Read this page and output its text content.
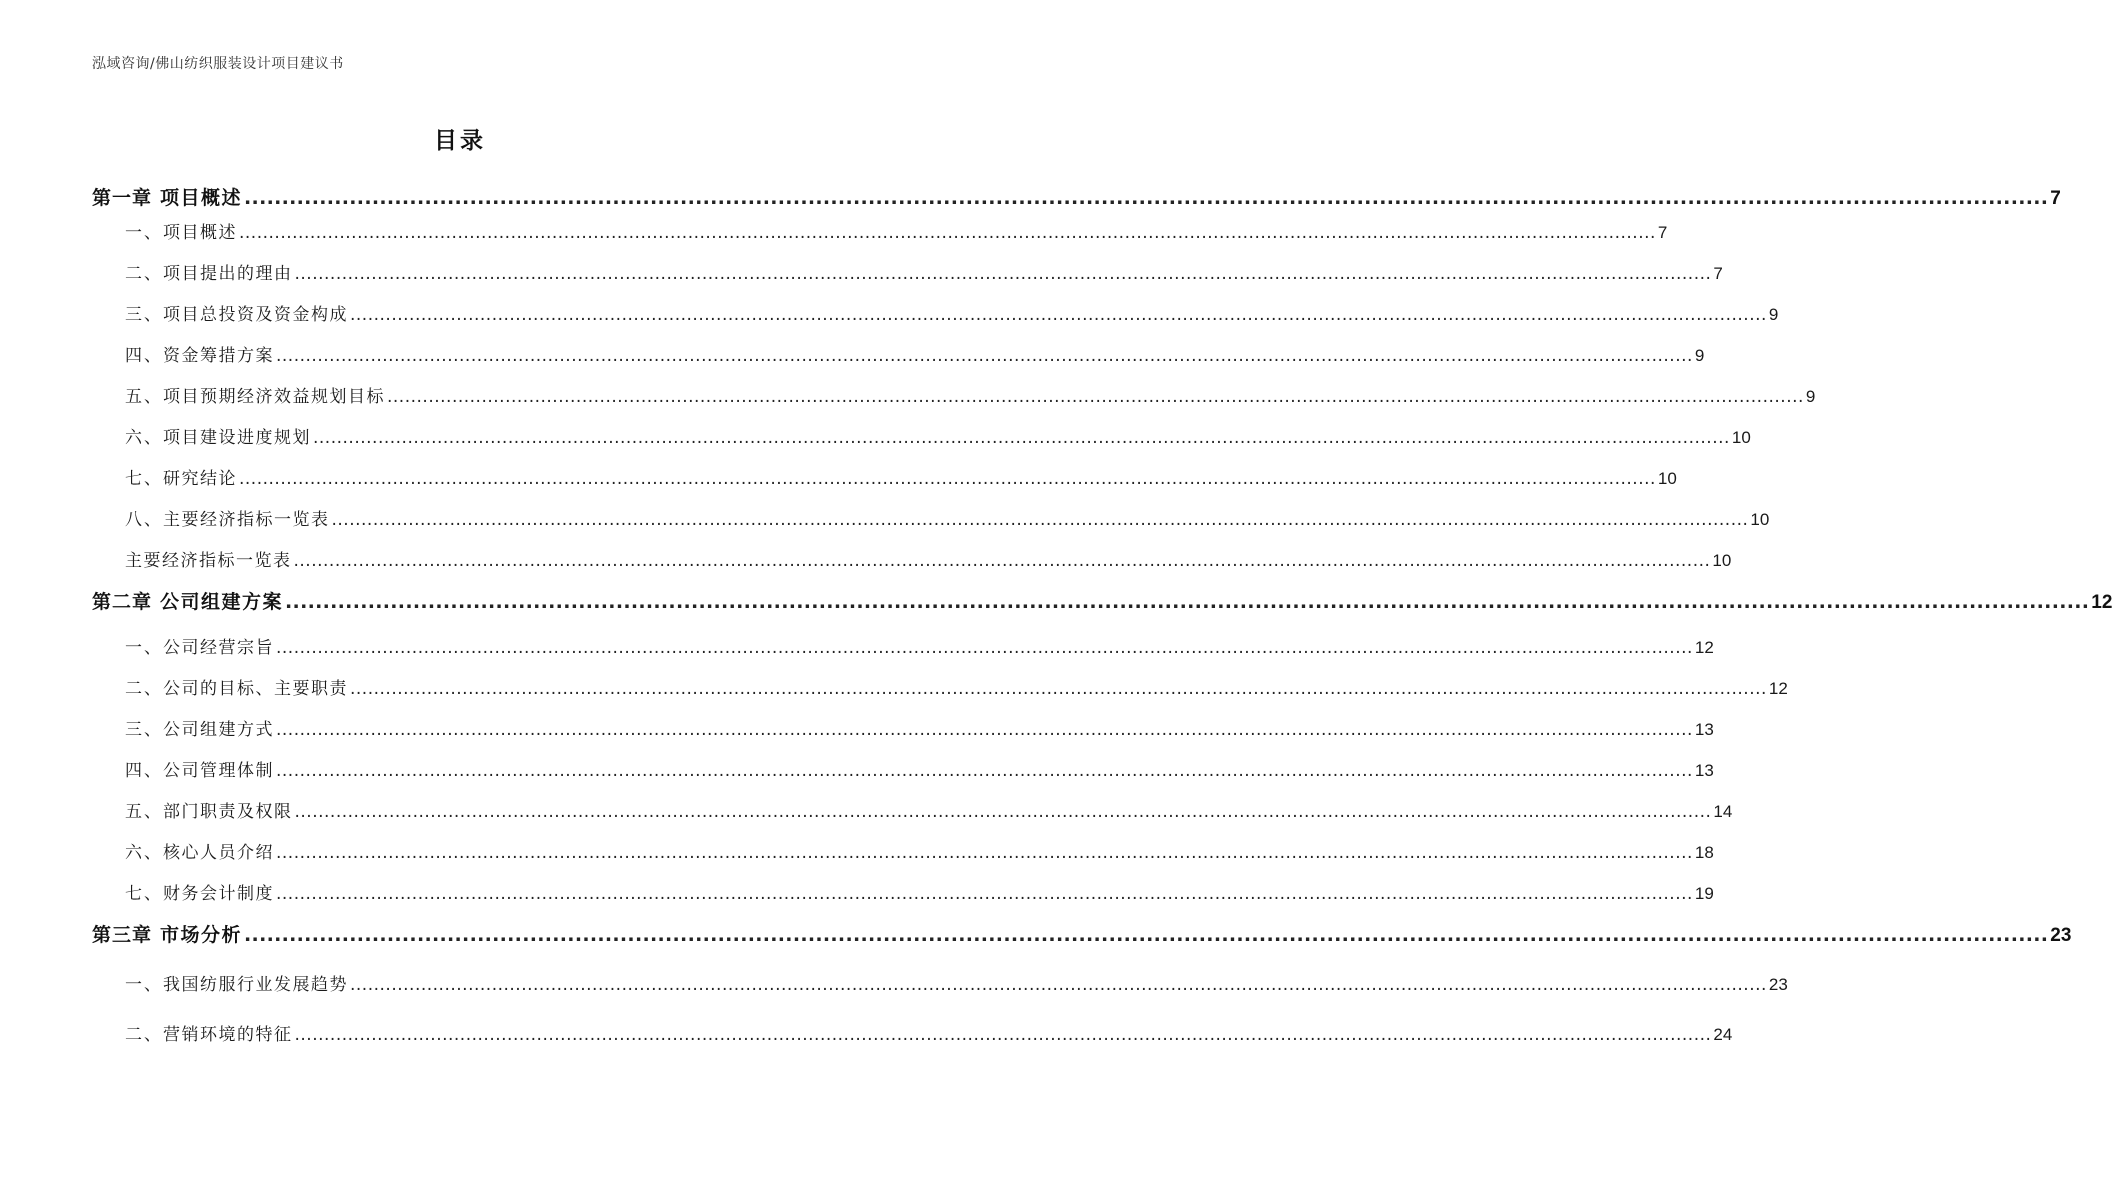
泓域咨询/佛山纺织服装设计项目建议书
目录
第一章 项目概述 ................................................................................................................................................................................................................................................ 7
一、 项目概述 ................................................................................................................................................................................................................................................ 7
二、 项目提出的理由 ................................................................................................................................................................................................................................................ 7
三、 项目总投资及资金构成 ................................................................................................................................................................................................................................................ 9
四、 资金筹措方案 ................................................................................................................................................................................................................................................ 9
五、 项目预期经济效益规划目标 ................................................................................................................................................................................................................................................ 9
六、 项目建设进度规划 ................................................................................................................................................................................................................................................ 10
七、 研究结论 ................................................................................................................................................................................................................................................ 10
八、 主要经济指标一览表 ................................................................................................................................................................................................................................................ 10
主要经济指标一览表 ................................................................................................................................................................................................................................................ 10
第二章 公司组建方案 ................................................................................................................................................................................................................................................ 12
一、 公司经营宗旨 ................................................................................................................................................................................................................................................ 12
二、 公司的目标、主要职责 ................................................................................................................................................................................................................................................ 12
三、 公司组建方式 ................................................................................................................................................................................................................................................ 13
四、 公司管理体制 ................................................................................................................................................................................................................................................ 13
五、 部门职责及权限 ................................................................................................................................................................................................................................................ 14
六、 核心人员介绍 ................................................................................................................................................................................................................................................ 18
七、 财务会计制度 ................................................................................................................................................................................................................................................ 19
第三章 市场分析 ................................................................................................................................................................................................................................................ 23
一、 我国纺服行业发展趋势 ................................................................................................................................................................................................................................................ 23
二、 营销环境的特征 ................................................................................................................................................................................................................................................ 24
